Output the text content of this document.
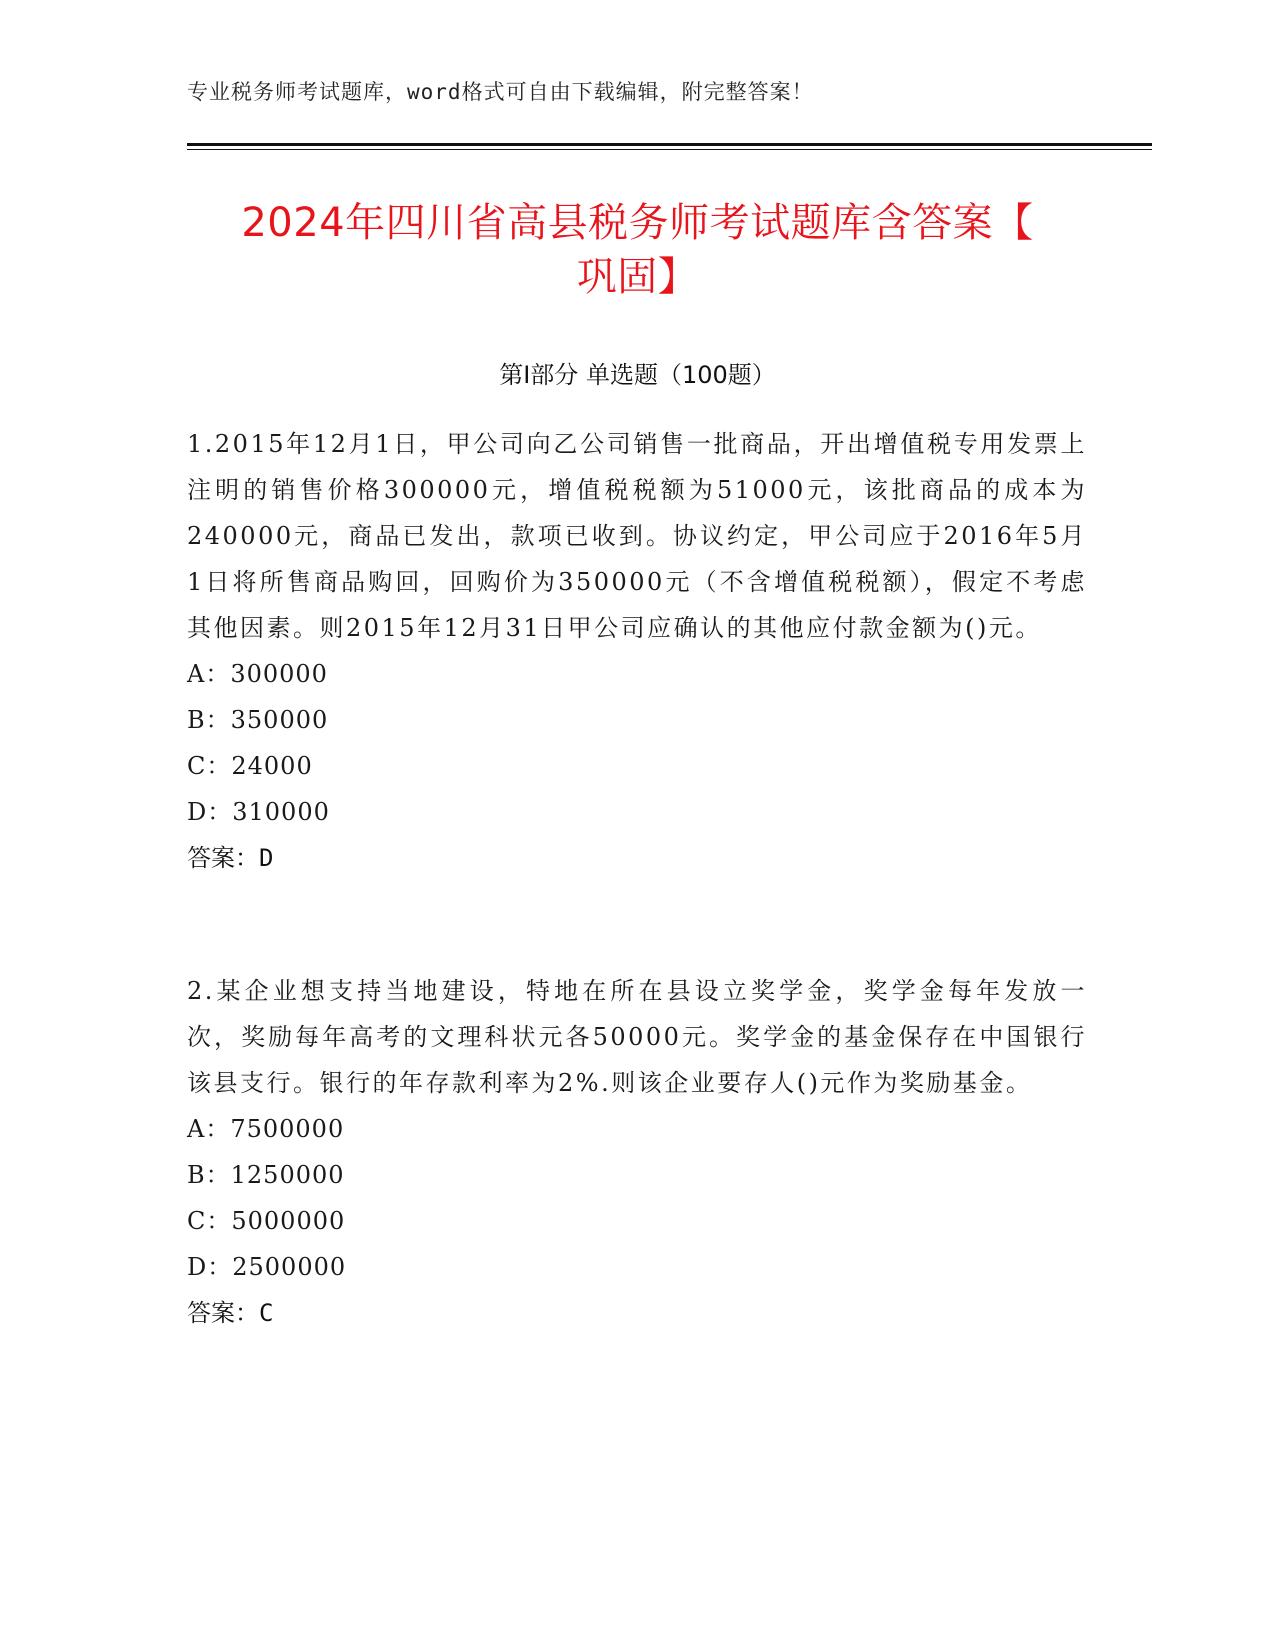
专业税务师考试题库，word格式可自由下载编辑，附完整答案！
2024年四川省高县税务师考试题库含答案【
巩固】
第I部分 单选题（100题）
1.2015年12月1日，甲公司向乙公司销售一批商品，开出增值税专用发票上注明的销售价格300000元，增值税税额为51000元，该批商品的成本为240000元，商品已发出，款项已收到。协议约定，甲公司应于2016年5月1日将所售商品购回，回购价为350000元（不含增值税税额），假定不考虑其他因素。则2015年12月31日甲公司应确认的其他应付款金额为()元。
A：300000
B：350000
C：24000
D：310000
答案：D
2.某企业想支持当地建设，特地在所在县设立奖学金，奖学金每年发放一次，奖励每年高考的文理科状元各50000元。奖学金的基金保存在中国银行该县支行。银行的年存款利率为2%.则该企业要存人()元作为奖励基金。
A：7500000
B：1250000
C：5000000
D：2500000
答案：C
